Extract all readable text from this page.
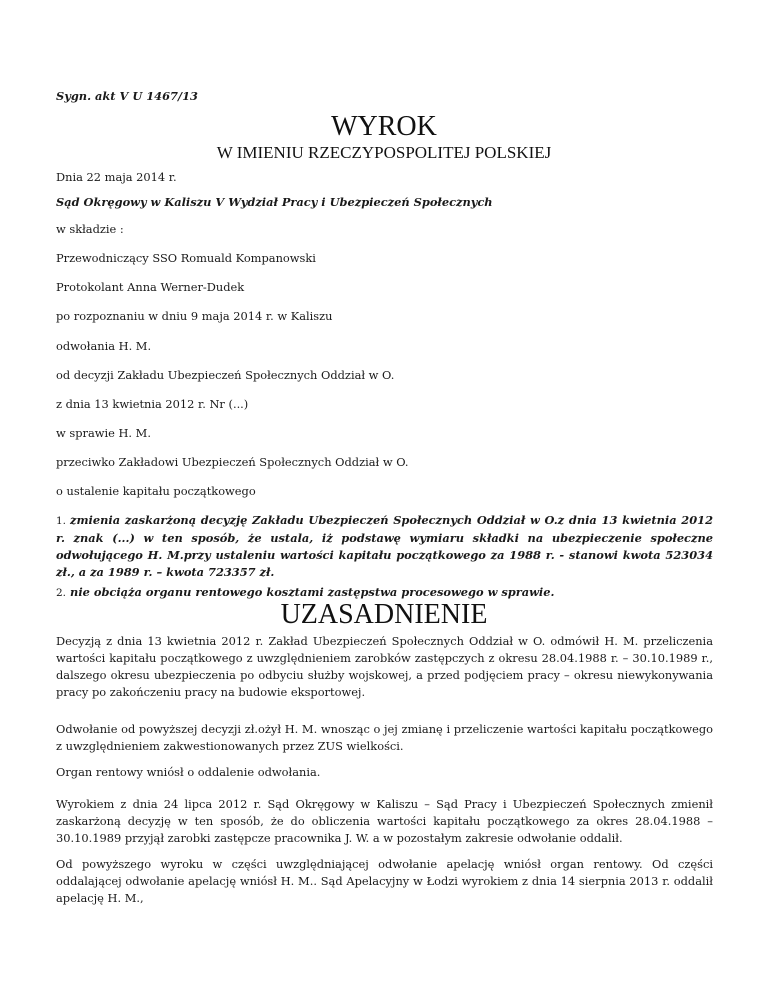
Sygn. akt V U 1467/13

WYROK
W IMIENIU RZECZYPOSPOLITEJ POLSKIEJ

Dnia 22 maja 2014 r.

Sąd Okręgowy w Kaliszu V Wydział Pracy i Ubezpieczeń Społecznych

w składzie :

Przewodniczący SSO Romuald Kompanowski

Protokolant Anna Werner-Dudek

po rozpoznaniu w dniu 9 maja 2014 r. w Kaliszu

odwołania H. M.

od decyzji Zakładu Ubezpieczeń Społecznych Oddział w O.

z dnia 13 kwietnia 2012 r. Nr (...)

w sprawie H. M.

przeciwko Zakładowi Ubezpieczeń Społecznych Oddział w O.

o ustalenie kapitału początkowego

1. zmienia zaskarżoną decyzję Zakładu Ubezpieczeń Społecznych Oddział w O.z dnia 13 kwietnia 2012 r. znak (...) w ten sposób, że ustala, iż podstawę wymiaru składki na ubezpieczenie społeczne odwołującego H. M.przy ustaleniu wartości kapitału początkowego za 1988 r. - stanowi kwota 523034 zł., a za 1989 r. – kwota 723357 zł.

2. nie obciąża organu rentowego kosztami zastępstwa procesowego w sprawie.

UZASADNIENIE

Decyzją z dnia 13 kwietnia 2012 r. Zakład Ubezpieczeń Społecznych Oddział w O. odmówił H. M. przeliczenia wartości kapitału początkowego z uwzględnieniem zarobków zastępczych z okresu 28.04.1988 r. – 30.10.1989 r., dalszego okresu ubezpieczenia po odbyciu służby wojskowej, a przed podjęciem pracy – okresu niewykonywania pracy po zakończeniu pracy na budowie eksportowej.

Odwołanie od powyższej decyzji zł.ożył H. M. wnosząc o jej zmianę i przeliczenie wartości kapitału początkowego z uwzględnieniem zakwestionowanych przez ZUS wielkości.

Organ rentowy wniósł o oddalenie odwołania.

Wyrokiem z dnia 24 lipca 2012 r. Sąd Okręgowy w Kaliszu – Sąd Pracy i Ubezpieczeń Społecznych zmienił zaskarżoną decyzję w ten sposób, że do obliczenia wartości kapitału początkowego za okres 28.04.1988 – 30.10.1989 przyjął zarobki zastępcze pracownika J. W. a w pozostałym zakresie odwołanie oddalił.

Od powyższego wyroku w części uwzględniającej odwołanie apelację wniósł organ rentowy. Od części oddalającej odwołanie apelację wniósł H. M.. Sąd Apelacyjny w Łodzi wyrokiem z dnia 14 sierpnia 2013 r. oddalił apelację H. M.,
